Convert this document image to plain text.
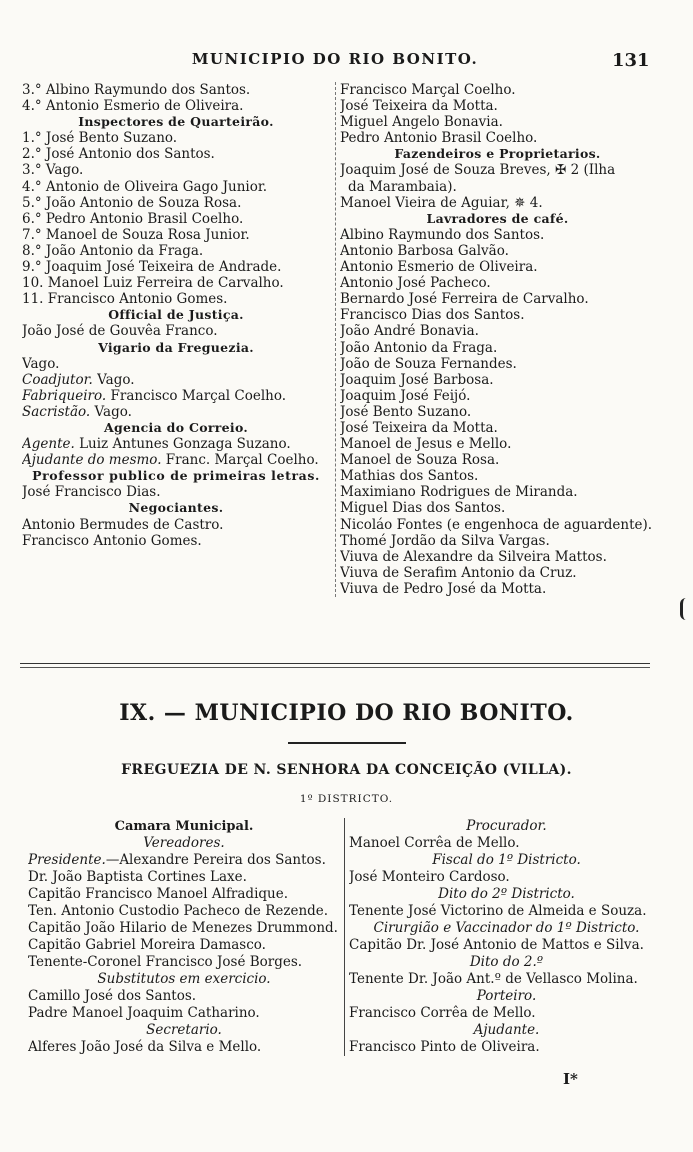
MUNICIPIO DO RIO BONITO.	131
3.° Albino Raymundo dos Santos.
4.° Antonio Esmerio de Oliveira.
Inspectores de Quarteirão.
1.° José Bento Suzano.
2.° José Antonio dos Santos.
3.° Vago.
4.° Antonio de Oliveira Gago Junior.
5.° João Antonio de Souza Rosa.
6.° Pedro Antonio Brasil Coelho.
7.° Manoel de Souza Rosa Junior.
8.° João Antonio da Fraga.
9.° Joaquim José Teixeira de Andrade.
10. Manoel Luiz Ferreira de Carvalho.
11. Francisco Antonio Gomes.
Official de Justiça.
João José de Gouvêa Franco.
Vigario da Freguezia.
Vago.
Coadjutor. Vago.
Fabriqueiro. Francisco Marçal Coelho.
Sacristão. Vago.
Agencia do Correio.
Agente. Luiz Antunes Gonzaga Suzano.
Ajudante do mesmo. Franc. Marçal Coelho.
Professor publico de primeiras letras.
José Francisco Dias.
Negociantes.
Antonio Bermudes de Castro.
Francisco Antonio Gomes.
Francisco Marçal Coelho.
José Teixeira da Motta.
Miguel Angelo Bonavia.
Pedro Antonio Brasil Coelho.
Fazendeiros e Proprietarios.
Joaquim José de Souza Breves, ✠ 2 (Ilha
da Marambaia).
Manoel Vieira de Aguiar, ✵ 4.
Lavradores de café.
Albino Raymundo dos Santos.
Antonio Barbosa Galvão.
Antonio Esmerio de Oliveira.
Antonio José Pacheco.
Bernardo José Ferreira de Carvalho.
Francisco Dias dos Santos.
João André Bonavia.
João Antonio da Fraga.
João de Souza Fernandes.
Joaquim José Barbosa.
Joaquim José Feijó.
José Bento Suzano.
José Teixeira da Motta.
Manoel de Jesus e Mello.
Manoel de Souza Rosa.
Mathias dos Santos.
Maximiano Rodrigues de Miranda.
Miguel Dias dos Santos.
Nicoláo Fontes (e engenhoca de aguardente).
Thomé Jordão da Silva Vargas.
Viuva de Alexandre da Silveira Mattos.
Viuva de Serafim Antonio da Cruz.
Viuva de Pedro José da Motta.
IX. — MUNICIPIO DO RIO BONITO.
FREGUEZIA DE N. SENHORA DA CONCEIÇÃO (VILLA).
1º DISTRICTO.
Camara Municipal.
Vereadores.
Presidente.—Alexandre Pereira dos Santos.
Dr. João Baptista Cortines Laxe.
Capitão Francisco Manoel Alfradique.
Ten. Antonio Custodio Pacheco de Rezende.
Capitão João Hilario de Menezes Drummond.
Capitão Gabriel Moreira Damasco.
Tenente-Coronel Francisco José Borges.
Substitutos em exercicio.
Camillo José dos Santos.
Padre Manoel Joaquim Catharino.
Secretario.
Alferes João José da Silva e Mello.
Procurador.
Manoel Corrêa de Mello.
Fiscal do 1º Districto.
José Monteiro Cardoso.
Dito do 2º Districto.
Tenente José Victorino de Almeida e Souza.
Cirurgião e Vaccinador do 1º Districto.
Capitão Dr. José Antonio de Mattos e Silva.
Dito do 2.º
Tenente Dr. João Ant.º de Vellasco Molina.
Porteiro.
Francisco Corrêa de Mello.
Ajudante.
Francisco Pinto de Oliveira.
I*
